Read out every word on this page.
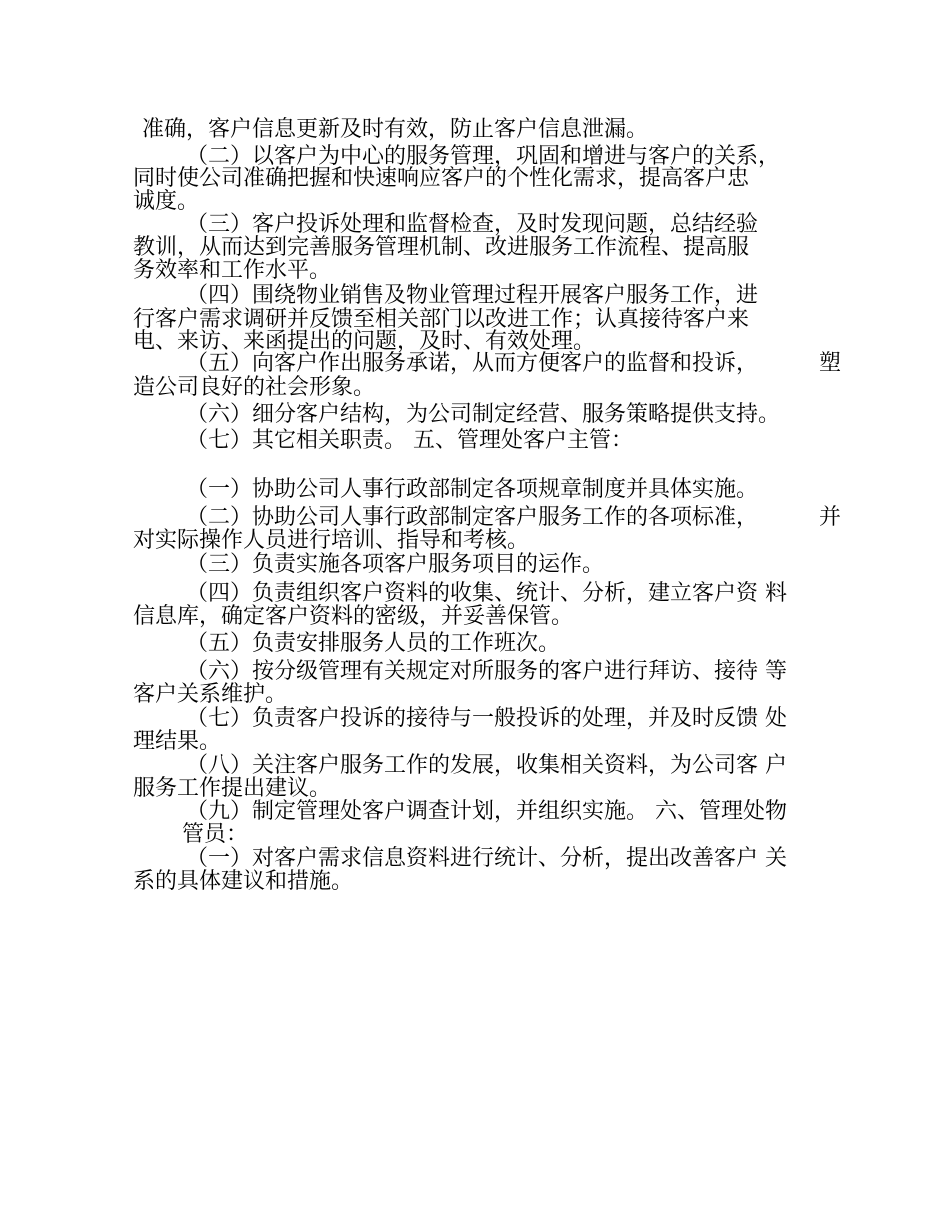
准确，客户信息更新及时有效，防止客户信息泄漏。
（二）以客户为中心的服务管理，巩固和增进与客户的关系，
同时使公司准确把握和快速响应客户的个性化需求，提高客户忠
诚度。
（三）客户投诉处理和监督检查，及时发现问题，总结经验
教训，从而达到完善服务管理机制、改进服务工作流程、提高服
务效率和工作水平。
（四）围绕物业销售及物业管理过程开展客户服务工作，进
行客户需求调研并反馈至相关部门以改进工作；认真接待客户来
电、来访、来函提出的问题，及时、有效处理。
（五）向客户作出服务承诺，从而方便客户的监督和投诉，	塑
造公司良好的社会形象。
（六）细分客户结构，为公司制定经营、服务策略提供支持。
（七）其它相关职责。 五、管理处客户主管：
（一）协助公司人事行政部制定各项规章制度并具体实施。
（二）协助公司人事行政部制定客户服务工作的各项标准，	并
对实际操作人员进行培训、指导和考核。
（三）负责实施各项客户服务项目的运作。
（四）负责组织客户资料的收集、统计、分析，建立客户资 料
信息库，确定客户资料的密级，并妥善保管。
（五）负责安排服务人员的工作班次。
（六）按分级管理有关规定对所服务的客户进行拜访、接待 等
客户关系维护。
（七）负责客户投诉的接待与一般投诉的处理，并及时反馈 处
理结果。
（八）关注客户服务工作的发展，收集相关资料，为公司客 户
服务工作提出建议。
（九）制定管理处客户调查计划，并组织实施。 六、管理处物
管员：
（一）对客户需求信息资料进行统计、分析，提出改善客户 关
系的具体建议和措施。
